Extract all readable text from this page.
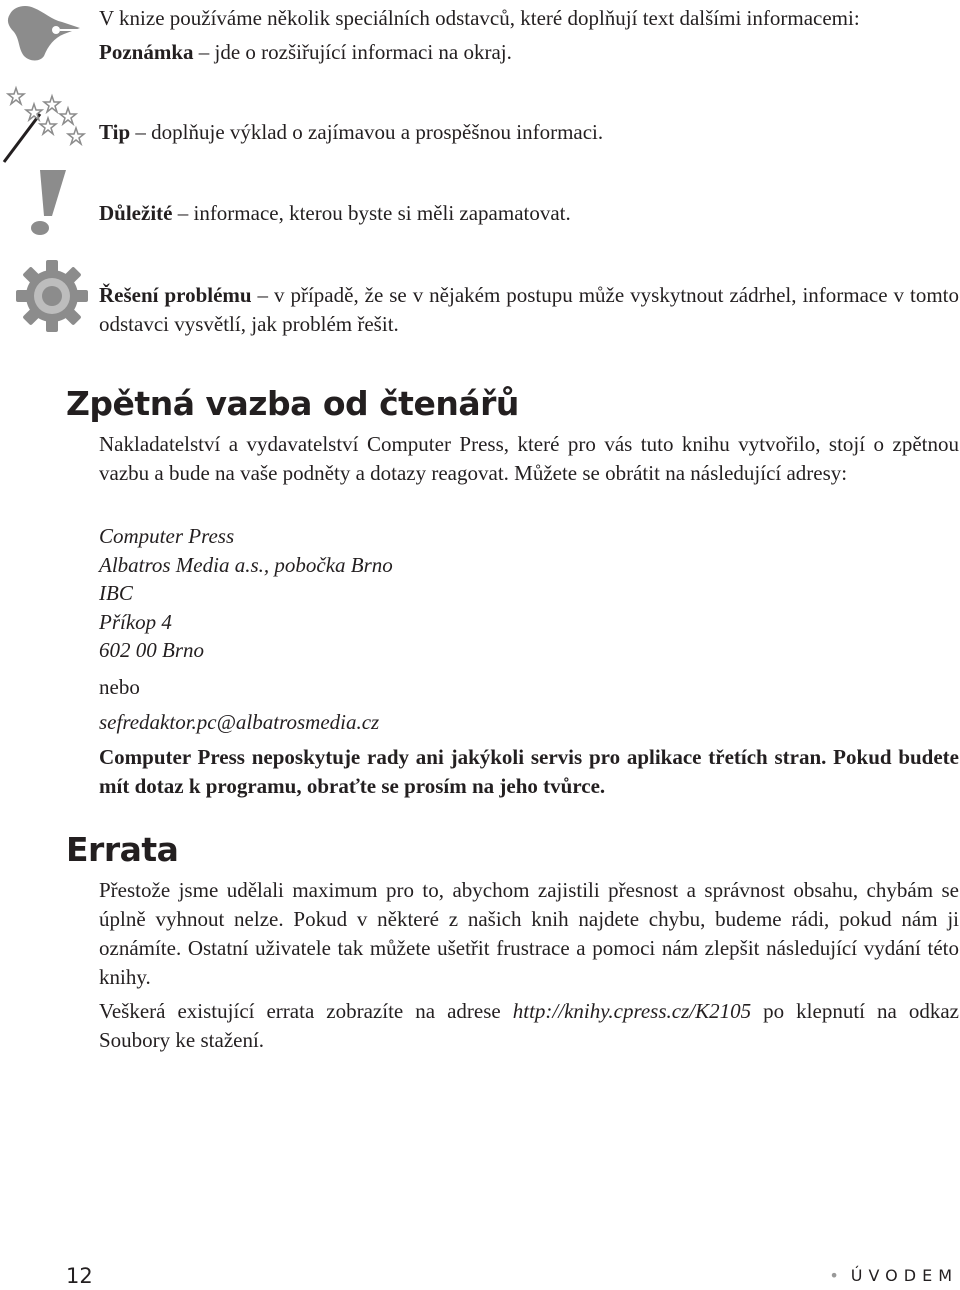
V knize používáme několik speciálních odstavců, které doplňují text dalšími informacemi:
Poznámka – jde o rozšiřující informaci na okraj.
Tip – doplňuje výklad o zajímavou a prospěšnou informaci.
Důležité – informace, kterou byste si měli zapamatovat.
Řešení problému – v případě, že se v nějakém postupu může vyskytnout zádrhel, informace v tomto odstavci vysvětlí, jak problém řešit.
Zpětná vazba od čtenářů
Nakladatelství a vydavatelství Computer Press, které pro vás tuto knihu vytvořilo, stojí o zpětnou vazbu a bude na vaše podněty a dotazy reagovat. Můžete se obrátit na následující adresy:
Computer Press
Albatros Media a.s., pobočka Brno
IBC
Příkop 4
602 00 Brno
nebo
sefredaktor.pc@albatrosmedia.cz
Computer Press neposkytuje rady ani jakýkoli servis pro aplikace třetích stran. Pokud budete mít dotaz k programu, obraťte se prosím na jeho tvůrce.
Errata
Přestože jsme udělali maximum pro to, abychom zajistili přesnost a správnost obsahu, chybám se úplně vyhnout nelze. Pokud v některé z našich knih najdete chybu, budeme rádi, pokud nám ji oznámíte. Ostatní uživatele tak můžete ušetřit frustrace a pomoci nám zlepšit následující vydání této knihy.
Veškerá existující errata zobrazíte na adrese http://knihy.cpress.cz/K2105 po klepnutí na odkaz Soubory ke stažení.
12	• ÚVODEM
